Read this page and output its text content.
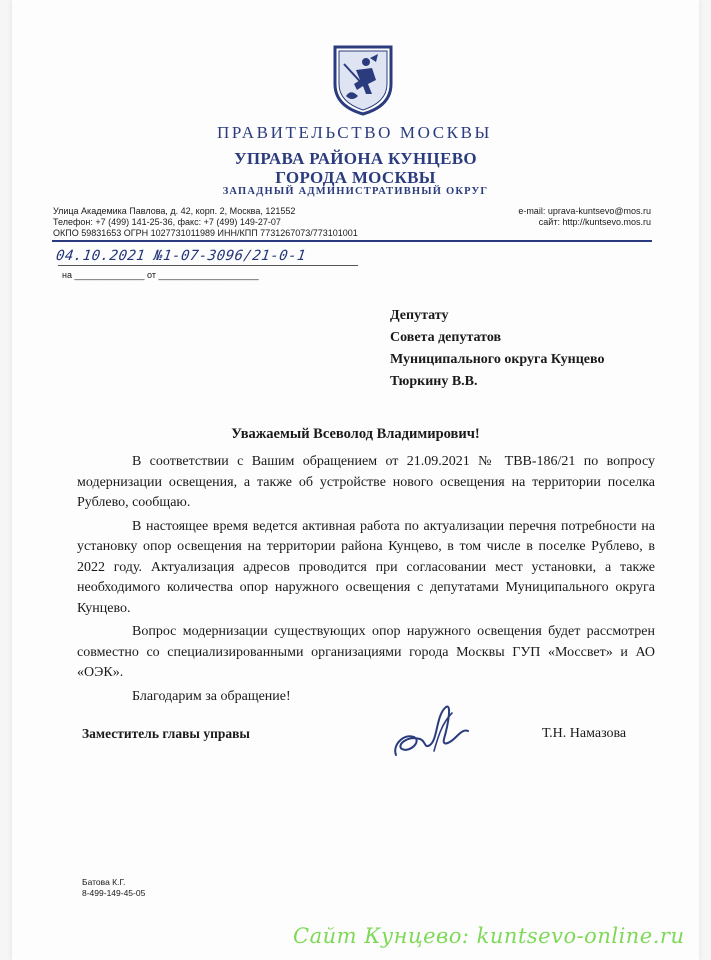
ПРАВИТЕЛЬСТВО МОСКВЫ
УПРАВА РАЙОНА КУНЦЕВО
ГОРОДА МОСКВЫ
ЗАПАДНЫЙ АДМИНИСТРАТИВНЫЙ ОКРУГ
Улица Академика Павлова, д. 42, корп. 2, Москва, 121552
Телефон: +7 (499) 141-25-36, факс: +7 (499) 149-27-07
ОКПО 59831653 ОГРН 1027731011989 ИНН/КПП 7731267073/773101001
e-mail: uprava-kuntsevo@mos.ru
сайт: http://kuntsevo.mos.ru
04.10.2021 №1-07-3096/21-0-1
на ______________ от ____________________
Депутату
Совета депутатов
Муниципального округа Кунцево
Тюркину В.В.
Уважаемый Всеволод Владимирович!

В соответствии с Вашим обращением от 21.09.2021 № ТВВ-186/21 по вопросу модернизации освещения, а также об устройстве нового освещения на территории поселка Рублево, сообщаю.

В настоящее время ведется активная работа по актуализации перечня потребности на установку опор освещения на территории района Кунцево, в том числе в поселке Рублево, в 2022 году. Актуализация адресов проводится при согласовании мест установки, а также необходимого количества опор наружного освещения с депутатами Муниципального округа Кунцево.

Вопрос модернизации существующих опор наружного освещения будет рассмотрен совместно со специализированными организациями города Москвы ГУП «Моссвет» и АО «ОЭК».

Благодарим за обращение!

Заместитель главы управы	Т.Н. Намазова
Батова К.Г.
8-499-149-45-05
Сайт Кунцево: kuntsevo-online.ru
